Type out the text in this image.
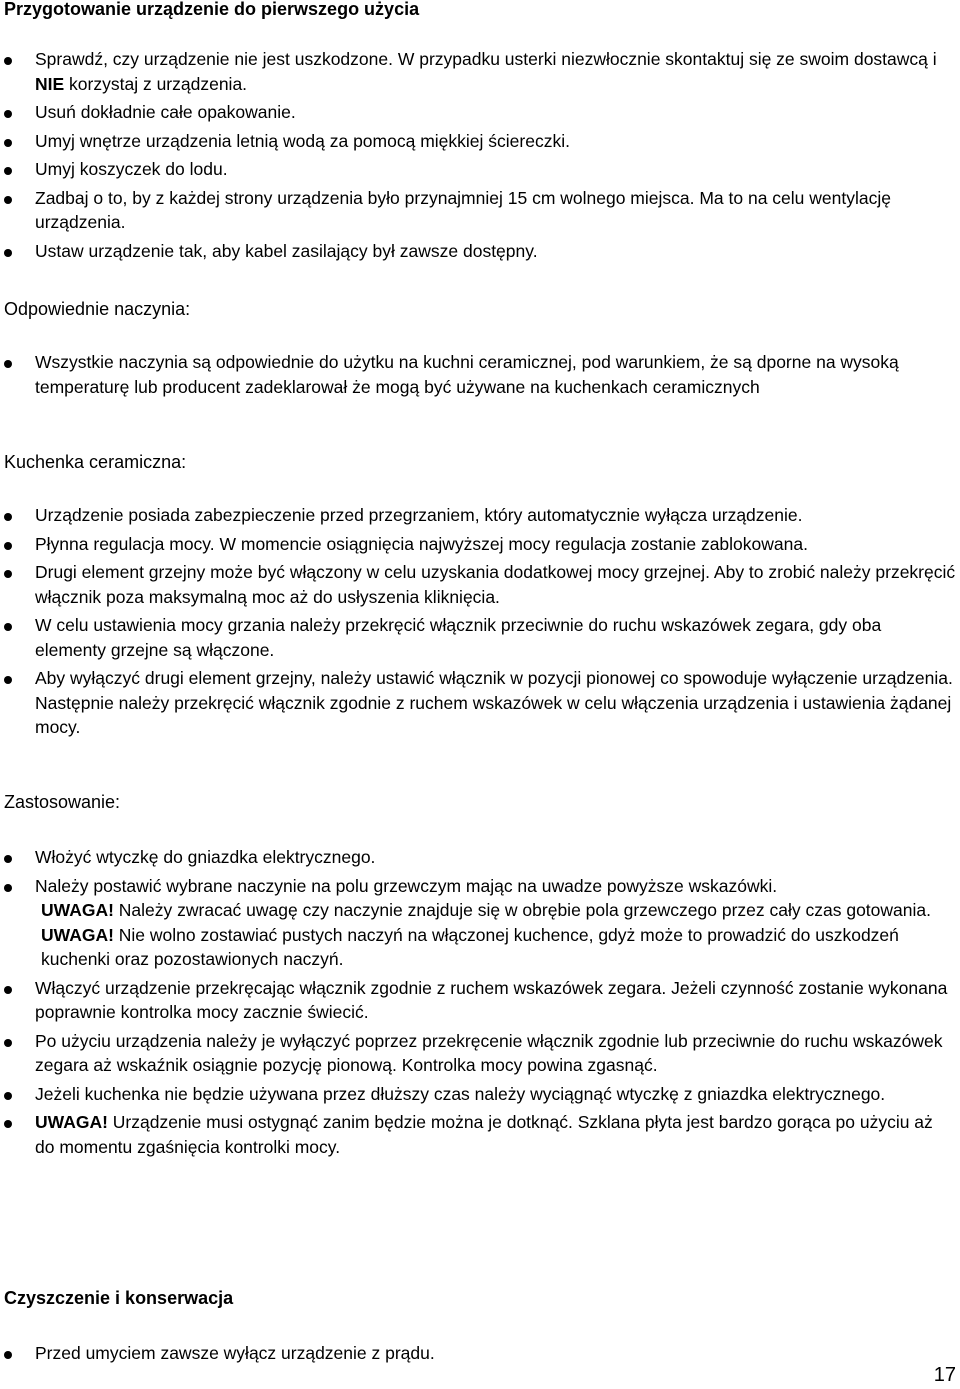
Przygotowanie urządzenie do pierwszego użycia
Sprawdź, czy urządzenie nie jest uszkodzone. W przypadku usterki niezwłocznie skontaktuj się ze swoim dostawcą i NIE korzystaj z urządzenia.
Usuń dokładnie całe opakowanie.
Umyj wnętrze urządzenia letnią wodą za pomocą miękkiej ściereczki.
Umyj koszyczek do lodu.
Zadbaj o to, by z każdej strony urządzenia było przynajmniej 15 cm wolnego miejsca. Ma to na celu wentylację urządzenia.
Ustaw urządzenie tak, aby kabel zasilający był zawsze dostępny.
Odpowiednie naczynia:
Wszystkie naczynia są odpowiednie do użytku na kuchni ceramicznej, pod warunkiem, że są dporne na wysoką temperaturę lub producent zadeklarował że mogą być używane na kuchenkach ceramicznych
Kuchenka ceramiczna:
Urządzenie posiada zabezpieczenie przed przegrzaniem, który automatycznie wyłącza urządzenie.
Płynna regulacja mocy. W momencie osiągnięcia najwyższej mocy regulacja zostanie zablokowana.
Drugi element grzejny może być włączony w celu uzyskania dodatkowej mocy grzejnej. Aby to zrobić należy przekręcić włącznik poza maksymalną moc aż do usłyszenia kliknięcia.
W celu ustawienia mocy grzania należy przekręcić włącznik przeciwnie do ruchu wskazówek zegara, gdy oba elementy grzejne są włączone.
Aby wyłączyć drugi element grzejny, należy ustawić włącznik w pozycji pionowej co spowoduje wyłączenie urządzenia. Następnie należy przekręcić włącznik zgodnie z ruchem wskazówek w celu włączenia urządzenia i ustawienia żądanej mocy.
Zastosowanie:
Włożyć wtyczkę do gniazdka elektrycznego.
Należy postawić wybrane naczynie na polu grzewczym mając na uwadze powyższe wskazówki.
UWAGA! Należy zwracać uwagę czy naczynie znajduje się w obrębie pola grzewczego przez cały czas gotowania.
UWAGA! Nie wolno zostawiać pustych naczyń na włączonej kuchence, gdyż może to prowadzić do uszkodzeń kuchenki oraz pozostawionych naczyń.
Włączyć urządzenie przekręcając włącznik zgodnie z ruchem wskazówek zegara. Jeżeli czynność zostanie wykonana poprawnie kontrolka mocy zacznie świecić.
Po użyciu urządzenia należy je wyłączyć poprzez przekręcenie włącznik zgodnie lub przeciwnie do ruchu wskazówek zegara aż wskaźnik osiągnie pozycję pionową. Kontrolka mocy powina zgasnąć.
Jeżeli kuchenka nie będzie używana przez dłuższy czas należy wyciągnąć wtyczkę z gniazdka elektrycznego.
UWAGA! Urządzenie musi ostygnąć zanim będzie można je dotknąć. Szklana płyta jest bardzo gorąca po użyciu aż do momentu zgaśnięcia kontrolki mocy.
Czyszczenie i konserwacja
Przed umyciem zawsze wyłącz urządzenie z prądu.
17
